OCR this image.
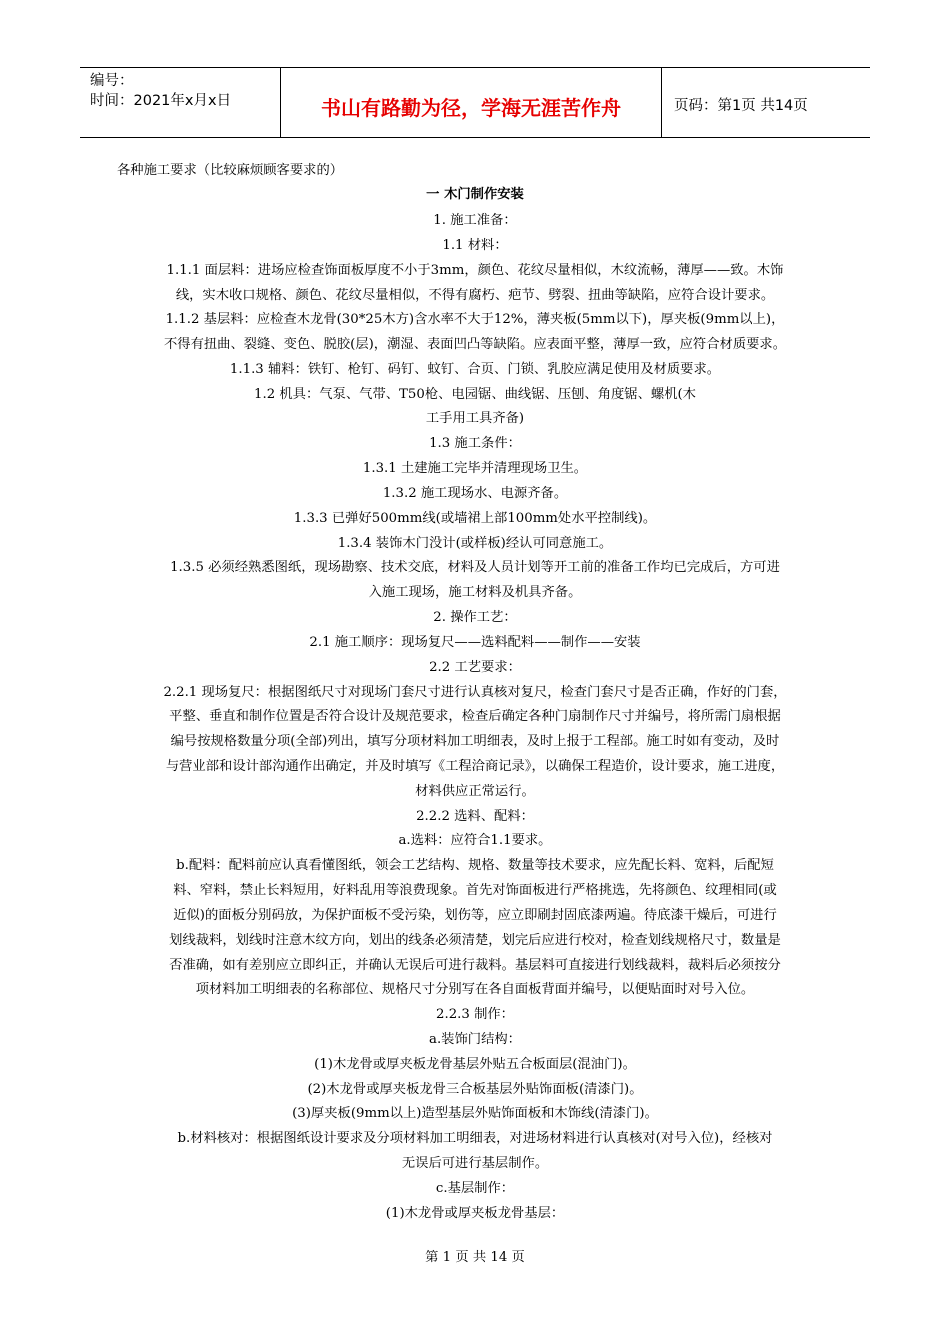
编号：
时间：2021年x月x日	书山有路勤为径，学海无涯苦作舟	页码：第1页 共14页
各种施工要求（比较麻烦顾客要求的）
一 木门制作安装
1. 施工准备：
1.1 材料：
1.1.1 面层料：进场应检查饰面板厚度不小于3mm，颜色、花纹尽量相似，木纹流畅，薄厚——致。木饰
线，实木收口规格、颜色、花纹尽量相似，不得有腐朽、疤节、劈裂、扭曲等缺陷，应符合设计要求。
1.1.2 基层料：应检查木龙骨(30*25木方)含水率不大于12%，薄夹板(5mm以下)，厚夹板(9mm以上)，
不得有扭曲、裂缝、变色、脱胶(层)，潮湿、表面凹凸等缺陷。应表面平整，薄厚一致，应符合材质要求。
1.1.3 辅料：铁钉、枪钉、码钉、蚊钉、合页、门锁、乳胶应满足使用及材质要求。
1.2 机具：气泵、气带、T50枪、电园锯、曲线锯、压刨、角度锯、螺机(木
工手用工具齐备)
1.3 施工条件：
1.3.1 土建施工完毕并清理现场卫生。
1.3.2 施工现场水、电源齐备。
1.3.3 已弹好500mm线(或墙裙上部100mm处水平控制线)。
1.3.4 装饰木门没计(或样板)经认可同意施工。
1.3.5 必须经熟悉图纸，现场勘察、技术交底，材料及人员计划等开工前的准备工作均已完成后，方可进
入施工现场，施工材料及机具齐备。
2. 操作工艺：
2.1 施工顺序：现场复尺——选料配料——制作——安装
2.2 工艺要求：
2.2.1 现场复尺：根据图纸尺寸对现场门套尺寸进行认真核对复尺，检查门套尺寸是否正确，作好的门套，
平整、垂直和制作位置是否符合设计及规范要求，检查后确定各种门扇制作尺寸并编号，将所需门扇根据
编号按规格数量分项(全部)列出，填写分项材料加工明细表，及时上报于工程部。施工时如有变动，及时
与营业部和设计部沟通作出确定，并及时填写《工程洽商记录》，以确保工程造价，设计要求，施工进度，
材料供应正常运行。
2.2.2 选料、配料：
a.选料：应符合1.1要求。
b.配料：配料前应认真看懂图纸，领会工艺结构、规格、数量等技术要求，应先配长料、宽料，后配短
料、窄料，禁止长料短用，好料乱用等浪费现象。首先对饰面板进行严格挑选，先将颜色、纹理相同(或
近似)的面板分别码放，为保护面板不受污染，划伤等，应立即刷封固底漆两遍。待底漆干燥后，可进行
划线裁料，划线时注意木纹方向，划出的线条必须清楚，划完后应进行校对，检查划线规格尺寸，数量是
否准确，如有差别应立即纠正，并确认无误后可进行裁料。基层料可直接进行划线裁料，裁料后必须按分
项材料加工明细表的名称部位、规格尺寸分别写在各自面板背面并编号，以便贴面时对号入位。
2.2.3 制作：
a.装饰门结构：
(1)木龙骨或厚夹板龙骨基层外贴五合板面层(混油门)。
(2)木龙骨或厚夹板龙骨三合板基层外贴饰面板(清漆门)。
(3)厚夹板(9mm以上)造型基层外贴饰面板和木饰线(清漆门)。
b.材料核对：根据图纸设计要求及分项材料加工明细表，对进场材料进行认真核对(对号入位)，经核对
无误后可进行基层制作。
c.基层制作：
(1)木龙骨或厚夹板龙骨基层：
第 1 页 共 14 页
